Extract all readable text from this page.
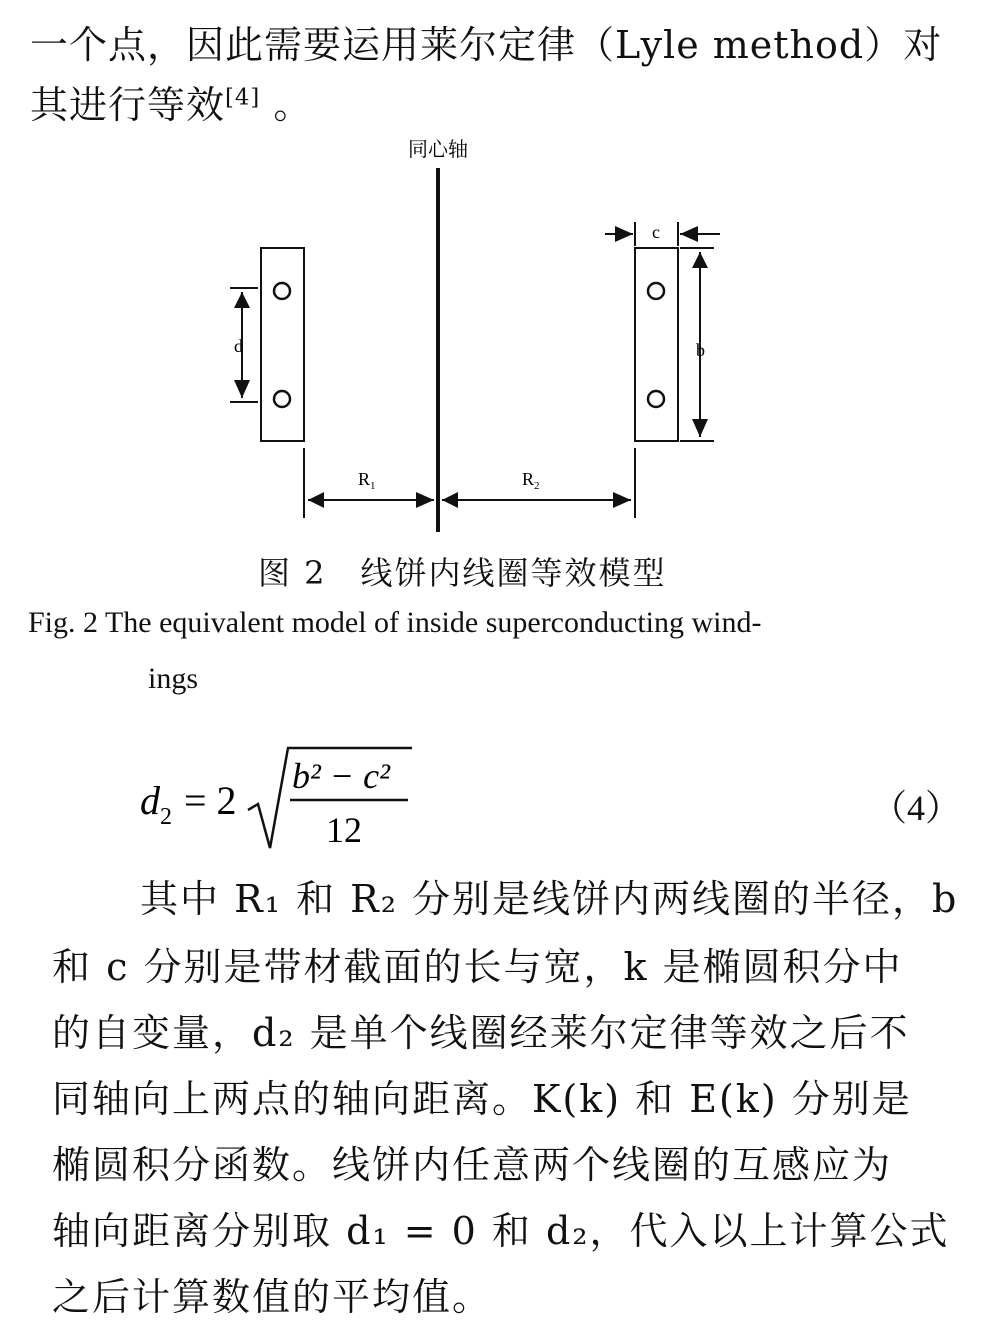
一个点，因此需要运用莱尔定律（Lyle method）对
其进行等效[4] 。
同心轴
d
c
b
$R_1$	$R_2$
图 2　线饼内线圈等效模型
Fig. 2 The equivalent model of inside superconducting wind-
ings
$d_2 = 2$
b² − c²
12
（4）
其中 R₁ 和 R₂ 分别是线饼内两线圈的半径，b
和 c 分别是带材截面的长与宽，k 是椭圆积分中
的自变量，d₂ 是单个线圈经莱尔定律等效之后不
同轴向上两点的轴向距离。K(k) 和 E(k) 分别是
椭圆积分函数。线饼内任意两个线圈的互感应为
轴向距离分别取 d₁ = 0 和 d₂，代入以上计算公式
之后计算数值的平均值。
